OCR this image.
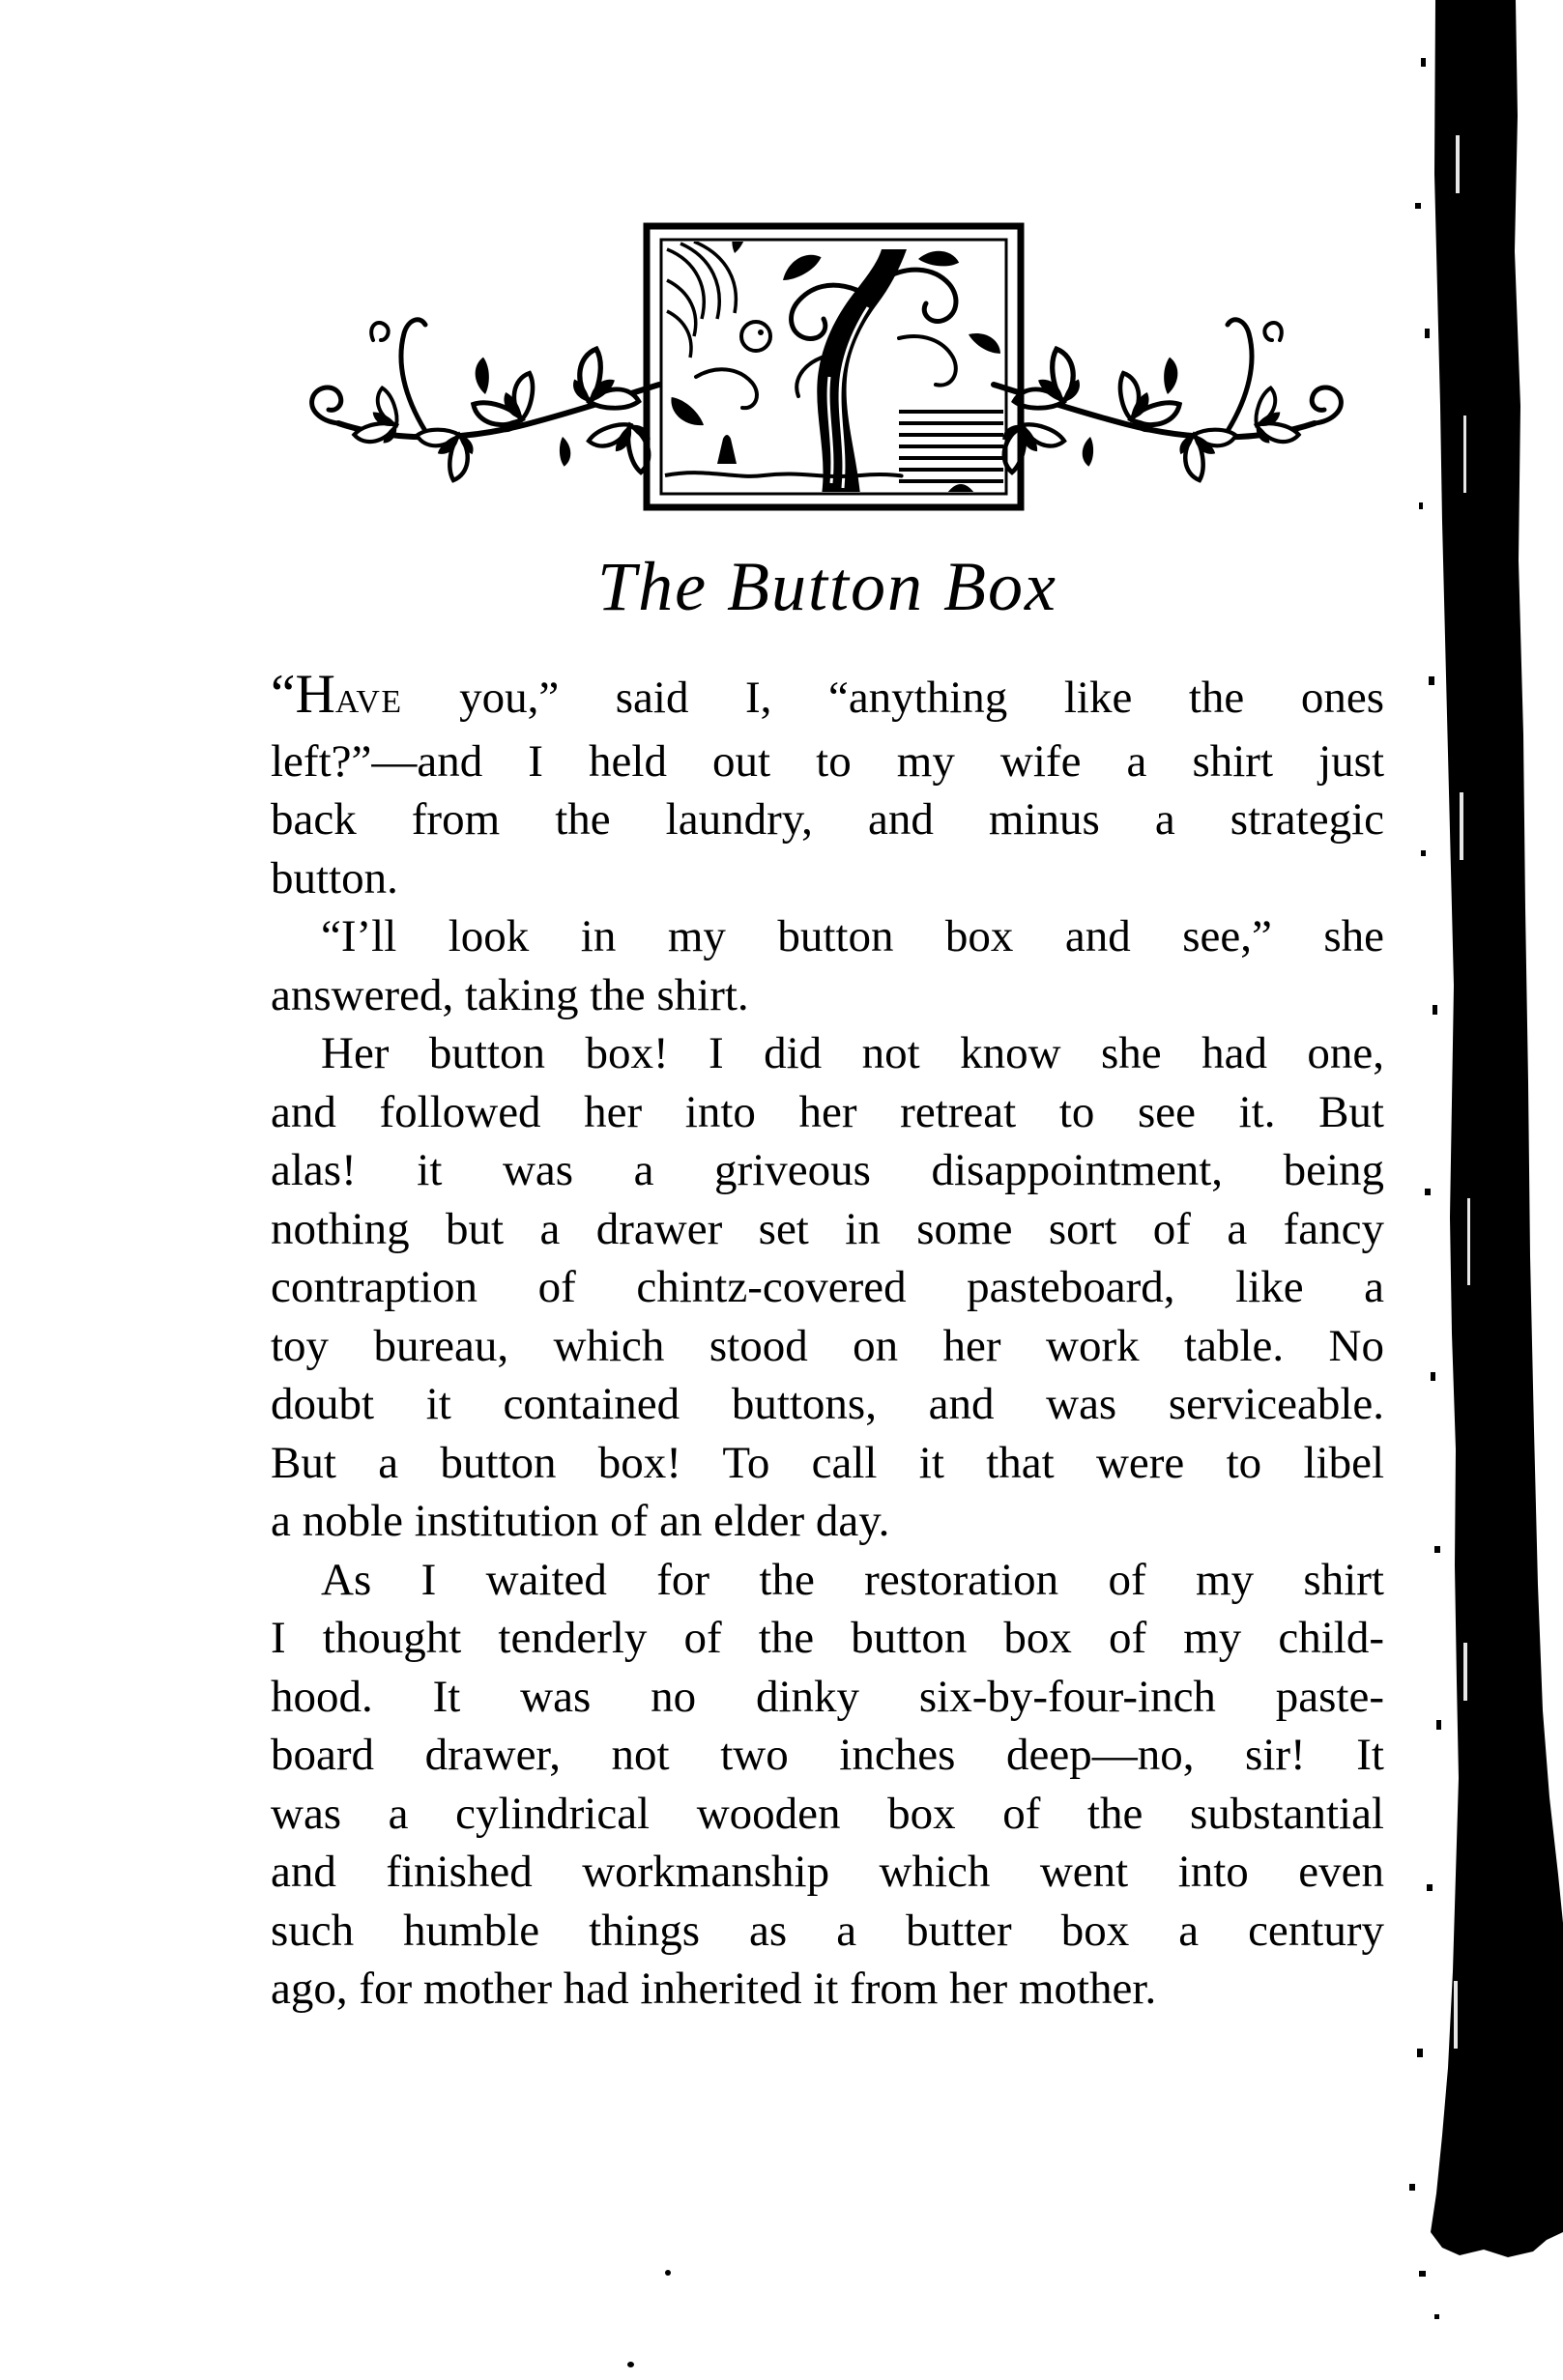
The Button Box
“HAVE you,” said I, “anything like the ones
left?”—and I held out to my wife a shirt just
back from the laundry, and minus a strategic
button.
“I’ll look in my button box and see,” she
answered, taking the shirt.
Her button box! I did not know she had one,
and followed her into her retreat to see it. But
alas! it was a griveous disappointment, being
nothing but a drawer set in some sort of a fancy
contraption of chintz-covered pasteboard, like a
toy bureau, which stood on her work table. No
doubt it contained buttons, and was serviceable.
But a button box! To call it that were to libel
a noble institution of an elder day.
As I waited for the restoration of my shirt
I thought tenderly of the button box of my child-
hood. It was no dinky six-by-four-inch paste-
board drawer, not two inches deep—no, sir! It
was a cylindrical wooden box of the substantial
and finished workmanship which went into even
such humble things as a butter box a century
ago, for mother had inherited it from her mother.
